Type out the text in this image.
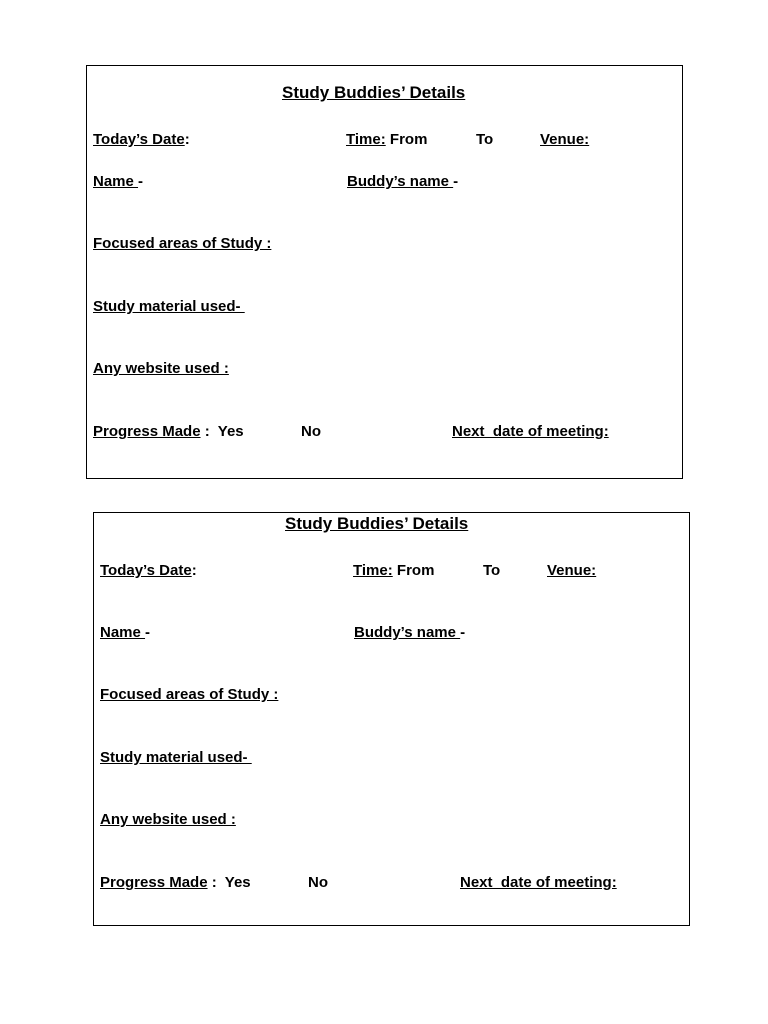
Study Buddies’ Details
Today’s Date:	Time: From	To	Venue:
Name -	Buddy’s name -
Focused areas of Study :
Study material used-
Any website used :
Progress Made :  Yes	No	Next  date of meeting:
Study Buddies’ Details
Today’s Date:	Time: From	To	Venue:
Name -	Buddy’s name -
Focused areas of Study :
Study material used-
Any website used :
Progress Made :  Yes	No	Next  date of meeting:
